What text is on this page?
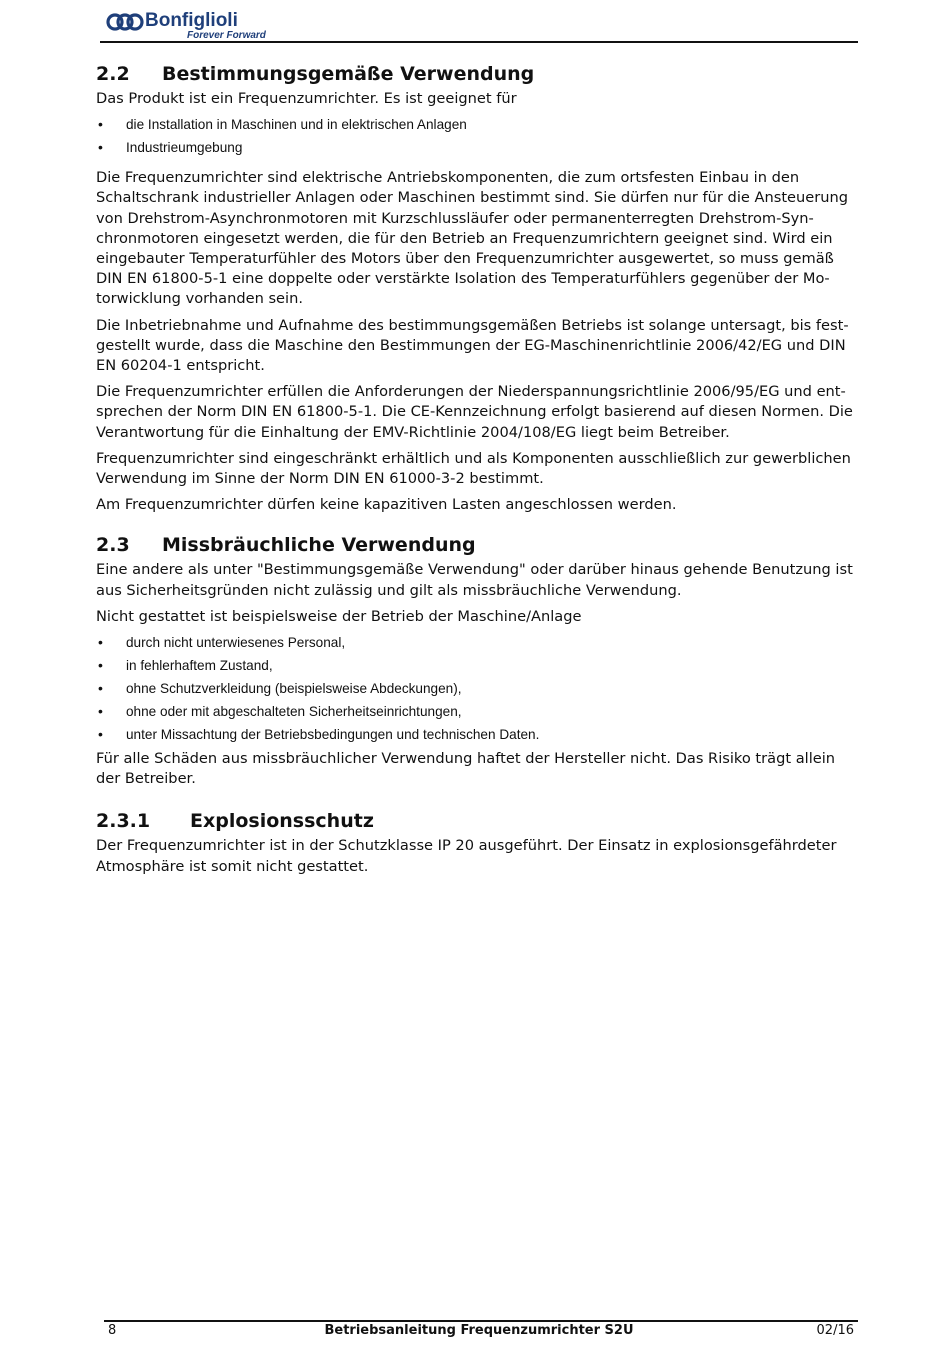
Bonfiglioli
Forever Forward
2.2 Bestimmungsgemäße Verwendung

Das Produkt ist ein Frequenzumrichter. Es ist geeignet für

• die Installation in Maschinen und in elektrischen Anlagen
• Industrieumgebung

Die Frequenzumrichter sind elektrische Antriebskomponenten, die zum ortsfesten Einbau in den Schaltschrank industrieller Anlagen oder Maschinen bestimmt sind. Sie dürfen nur für die Ansteuerung von Drehstrom-Asynchronmotoren mit Kurzschlussläufer oder permanenterregten Drehstrom-Synchronmotoren eingesetzt werden, die für den Betrieb an Frequenzumrichtern geeignet sind. Wird ein eingebauter Temperaturfühler des Motors über den Frequenzumrichter ausgewertet, so muss gemäß DIN EN 61800-5-1 eine doppelte oder verstärkte Isolation des Temperaturfühlers gegenüber der Motorwicklung vorhanden sein.

Die Inbetriebnahme und Aufnahme des bestimmungsgemäßen Betriebs ist solange untersagt, bis festgestellt wurde, dass die Maschine den Bestimmungen der EG-Maschinenrichtlinie 2006/42/EG und DIN EN 60204-1 entspricht.

Die Frequenzumrichter erfüllen die Anforderungen der Niederspannungsrichtlinie 2006/95/EG und entsprechen der Norm DIN EN 61800-5-1. Die CE-Kennzeichnung erfolgt basierend auf diesen Normen. Die Verantwortung für die Einhaltung der EMV-Richtlinie 2004/108/EG liegt beim Betreiber.

Frequenzumrichter sind eingeschränkt erhältlich und als Komponenten ausschließlich zur gewerblichen Verwendung im Sinne der Norm DIN EN 61000-3-2 bestimmt.

Am Frequenzumrichter dürfen keine kapazitiven Lasten angeschlossen werden.

2.3 Missbräuchliche Verwendung

Eine andere als unter "Bestimmungsgemäße Verwendung" oder darüber hinaus gehende Benutzung ist aus Sicherheitsgründen nicht zulässig und gilt als missbräuchliche Verwendung.

Nicht gestattet ist beispielsweise der Betrieb der Maschine/Anlage

• durch nicht unterwiesenes Personal,
• in fehlerhaftem Zustand,
• ohne Schutzverkleidung (beispielsweise Abdeckungen),
• ohne oder mit abgeschalteten Sicherheitseinrichtungen,
• unter Missachtung der Betriebsbedingungen und technischen Daten.

Für alle Schäden aus missbräuchlicher Verwendung haftet der Hersteller nicht. Das Risiko trägt allein der Betreiber.

2.3.1 Explosionsschutz

Der Frequenzumrichter ist in der Schutzklasse IP 20 ausgeführt. Der Einsatz in explosionsgefährdeter Atmosphäre ist somit nicht gestattet.

8	Betriebsanleitung Frequenzumrichter S2U	02/16
